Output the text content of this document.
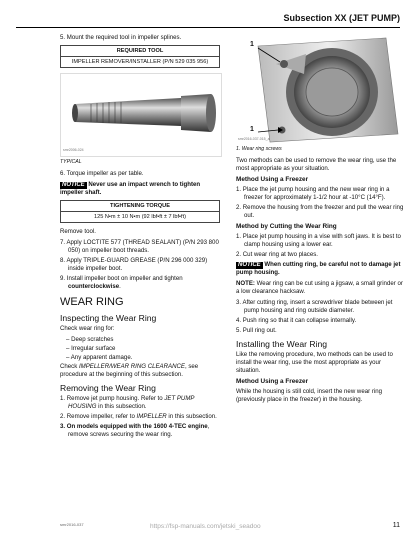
Subsection XX (JET PUMP)

5. Mount the required tool in impeller splines.

REQUIRED TOOL
IMPELLER REMOVER/INSTALLER (P/N 529 035 956)
smr2006-024
TYPICAL

6. Torque impeller as per table.

NOTICE Never use an impact wrench to tighten impeller shaft.

TIGHTENING TORQUE
125 N•m ± 10 N•m (92 lbf•ft ± 7 lbf•ft)

Remove tool.

7. Apply LOCTITE 577 (THREAD SEALANT) (P/N 293 800 050) on impeller boot threads.

8. Apply TRIPLE-GUARD GREASE (P/N 296 000 329) inside impeller boot.

9. Install impeller boot on impeller and tighten counterclockwise.

WEAR RING
Inspecting the Wear Ring

Check wear ring for:

– Deep scratches
– Irregular surface
– Any apparent damage.

Check IMPELLER/WEAR RING CLEARANCE, see procedure at the beginning of this subsection.

Removing the Wear Ring

1. Remove jet pump housing. Refer to JET PUMP HOUSING in this subsection.

2. Remove impeller, refer to IMPELLER in this subsection.

3. On models equipped with the 1600 4-TEC engine, remove screws securing the wear ring.

1
1
smr2016-037-015_a
1. Wear ring screws

Two methods can be used to remove the wear ring, use the most appropriate as your situation.

Method Using a Freezer

1. Place the jet pump housing and the new wear ring in a freezer for approximately 1-1/2 hour at -10°C (14°F).

2. Remove the housing from the freezer and pull the wear ring out.

Method by Cutting the Wear Ring

1. Place jet pump housing in a vise with soft jaws. It is best to clamp housing using a lower ear.

2. Cut wear ring at two places.

NOTICE When cutting ring, be careful not to damage jet pump housing.

NOTE: Wear ring can be cut using a jigsaw, a small grinder or a low clearance hacksaw.

3. After cutting ring, insert a screwdriver blade between jet pump housing and ring outside diameter.

4. Push ring so that it can collapse internally.

5. Pull ring out.

Installing the Wear Ring

Like the removing procedure, two methods can be used to install the wear ring, use the most appropriate as your situation.

Method Using a Freezer

While the housing is still cold, insert the new wear ring (previously place in the freezer) in the housing.

smr2016-037	https://fsp-manuals.com/jetski_seadoo	11
